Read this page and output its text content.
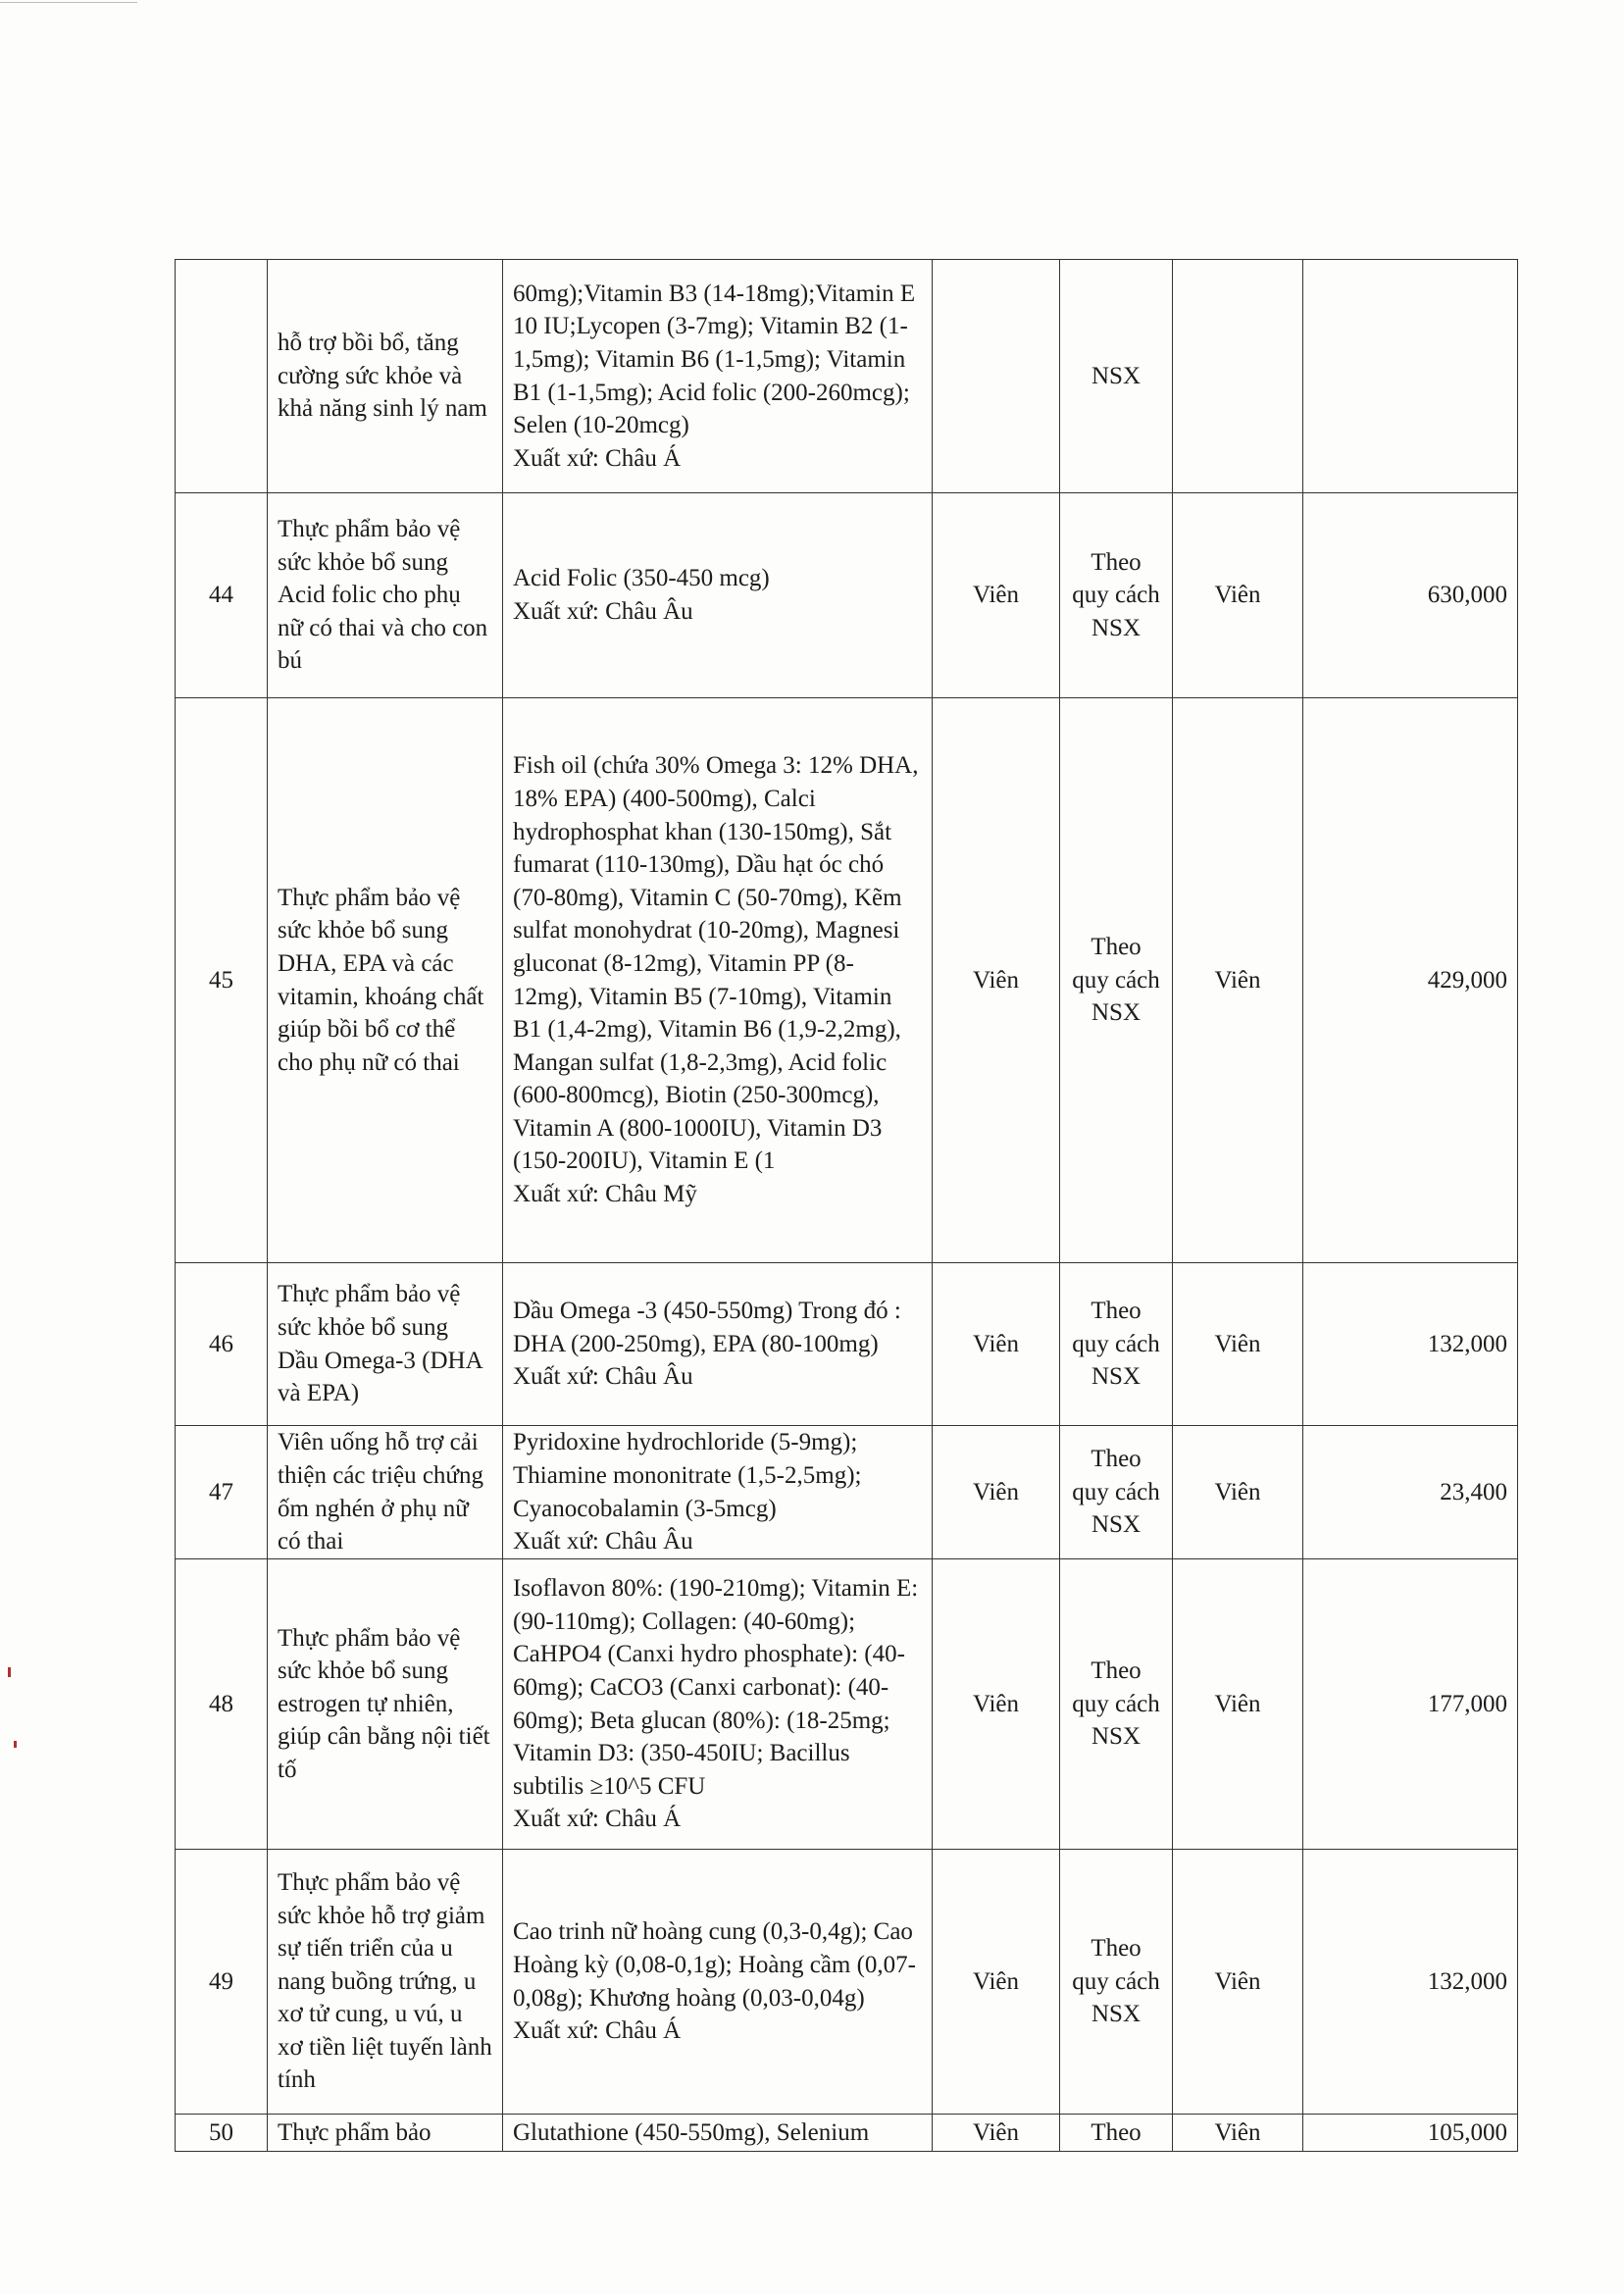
	hỗ trợ bồi bổ, tăng cường sức khỏe và khả năng sinh lý nam	60mg);Vitamin B3 (14-18mg);Vitamin E 10 IU;Lycopen (3-7mg); Vitamin B2 (1-1,5mg); Vitamin B6 (1-1,5mg); Vitamin B1 (1-1,5mg); Acid folic (200-260mcg); Selen (10-20mcg)
Xuất xứ: Châu Á		NSX		
44	Thực phẩm bảo vệ sức khỏe bổ sung Acid folic cho phụ nữ có thai và cho con bú	Acid Folic (350-450 mcg)
Xuất xứ: Châu Âu	Viên	Theo quy cách NSX	Viên	630,000
45	Thực phẩm bảo vệ sức khỏe bổ sung DHA, EPA và các vitamin, khoáng chất giúp bồi bổ cơ thể cho phụ nữ có thai	Fish oil (chứa 30% Omega 3: 12% DHA, 18% EPA) (400-500mg), Calci hydrophosphat khan (130-150mg), Sắt fumarat (110-130mg), Dầu hạt óc chó (70-80mg), Vitamin C (50-70mg), Kẽm sulfat monohydrat (10-20mg), Magnesi gluconat (8-12mg), Vitamin PP (8-12mg), Vitamin B5 (7-10mg), Vitamin B1 (1,4-2mg), Vitamin B6 (1,9-2,2mg), Mangan sulfat (1,8-2,3mg), Acid folic (600-800mcg), Biotin (250-300mcg), Vitamin A (800-1000IU), Vitamin D3 (150-200IU), Vitamin E (1
Xuất xứ: Châu Mỹ	Viên	Theo quy cách NSX	Viên	429,000
46	Thực phẩm bảo vệ sức khỏe bổ sung Dầu Omega-3 (DHA và EPA)	Dầu Omega -3 (450-550mg) Trong đó : DHA (200-250mg), EPA (80-100mg)
Xuất xứ: Châu Âu	Viên	Theo quy cách NSX	Viên	132,000
47	Viên uống hỗ trợ cải thiện các triệu chứng ốm nghén ở phụ nữ có thai	Pyridoxine hydrochloride (5-9mg); Thiamine mononitrate (1,5-2,5mg); Cyanocobalamin (3-5mcg)
Xuất xứ: Châu Âu	Viên	Theo quy cách NSX	Viên	23,400
48	Thực phẩm bảo vệ sức khỏe bổ sung estrogen tự nhiên, giúp cân bằng nội tiết tố	Isoflavon 80%: (190-210mg); Vitamin E: (90-110mg); Collagen: (40-60mg); CaHPO4 (Canxi hydro phosphate): (40-60mg); CaCO3 (Canxi carbonat): (40-60mg); Beta glucan (80%): (18-25mg; Vitamin D3: (350-450IU; Bacillus subtilis ≥10^5 CFU
Xuất xứ: Châu Á	Viên	Theo quy cách NSX	Viên	177,000
49	Thực phẩm bảo vệ sức khỏe hỗ trợ giảm sự tiến triển của u nang buồng trứng, u xơ tử cung, u vú, u xơ tiền liệt tuyến lành tính	Cao trinh nữ hoàng cung (0,3-0,4g); Cao Hoàng kỳ (0,08-0,1g); Hoàng cầm (0,07-0,08g); Khương hoàng (0,03-0,04g)
Xuất xứ: Châu Á	Viên	Theo quy cách NSX	Viên	132,000
50	Thực phẩm bảo	Glutathione (450-550mg), Selenium	Viên	Theo	Viên	105,000
